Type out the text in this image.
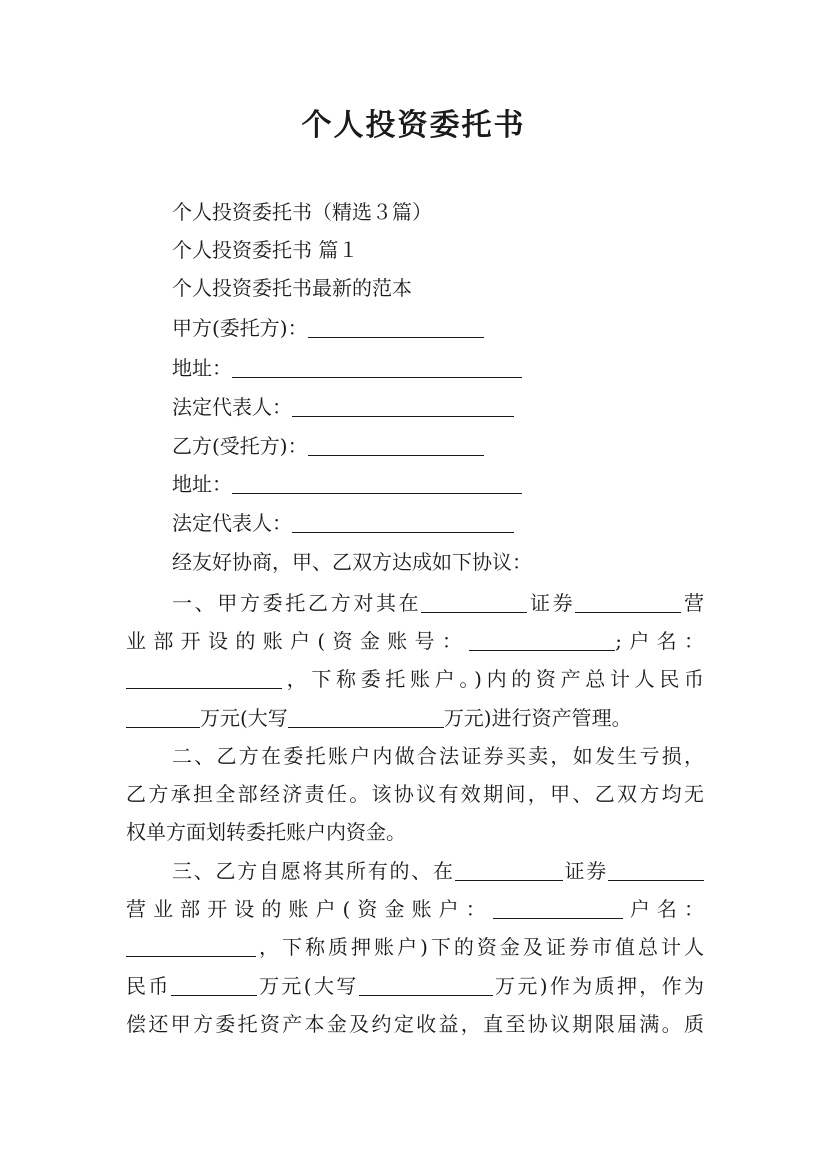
个人投资委托书
个人投资委托书（精选３篇）
个人投资委托书 篇１
个人投资委托书最新的范本
甲方(委托方)：
地址：
法定代表人：
乙方(受托方)：
地址：
法定代表人：
经友好协商，甲、乙双方达成如下协议：
一、甲方委托乙方对其在	证券	营
业部开设的账户(资金账号：	;户名：
，下称委托账户。)内的资产总计人民币
万元(大写	万元)进行资产管理。
二、乙方在委托账户内做合法证券买卖，如发生亏损，
乙方承担全部经济责任。该协议有效期间，甲、乙双方均无
权单方面划转委托账户内资金。
三、乙方自愿将其所有的、在	证券
营业部开设的账户(资金账户：	户名：
，下称质押账户)下的资金及证券市值总计人
民币	万元(大写	万元)作为质押，作为
偿还甲方委托资产本金及约定收益，直至协议期限届满。质
